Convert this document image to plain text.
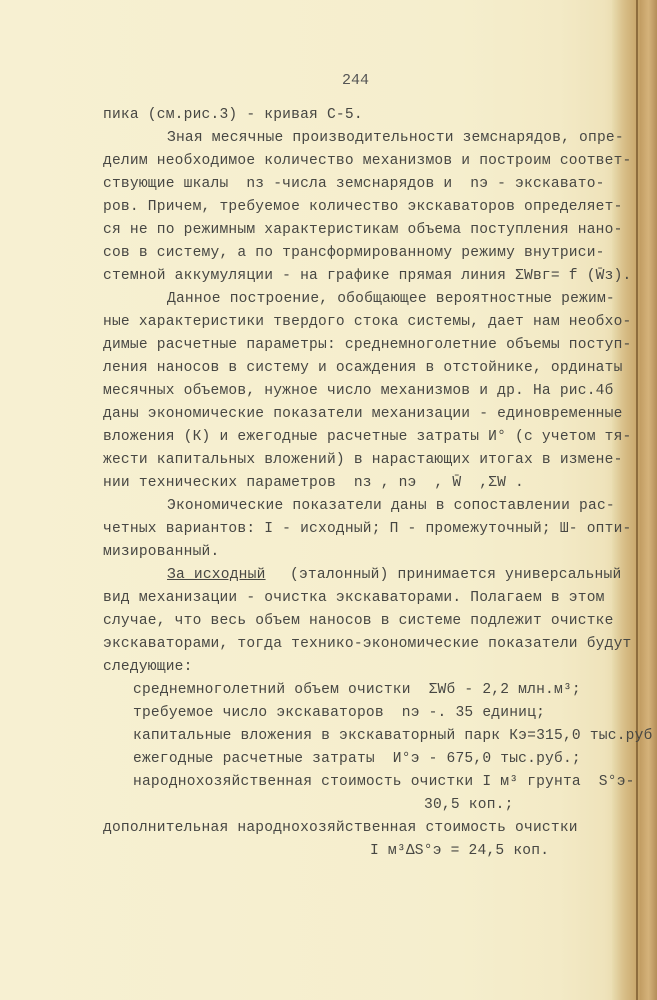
244
пика (см.рис.3) - кривая С-5.
Зная месячные производительности земснарядов, опре-
делим необходимое количество механизмов и построим соответ-
ствующие шкалы  nз -числа земснарядов и  nэ - экскавато-
ров. Причем, требуемое количество экскаваторов определяет-
ся не по режимным характеристикам объема поступления нано-
сов в систему, а по трансформированному режиму внутриси-
стемной аккумуляции - на графике прямая линия ΣWвг= f (W̄з).
Данное построение, обобщающее вероятностные режим-
ные характеристики твердого стока системы, дает нам необхо-
димые расчетные параметры: среднемноголетние объемы поступ-
ления наносов в систему и осаждения в отстойнике, ординаты
месячных объемов, нужное число механизмов и др. На рис.4б
даны экономические показатели механизации - единовременные
вложения (К) и ежегодные расчетные затраты И° (с учетом тя-
жести капитальных вложений) в нарастающих итогах в измене-
нии технических параметров  nз , nэ  , W̄  ,ΣW .
Экономические показатели даны в сопоставлении рас-
четных вариантов: I - исходный; П - промежуточный; Ш- опти-
мизированный.
(эталонный) принимается универсальный
вид механизации - очистка экскаваторами. Полагаем в этом
случае, что весь объем наносов в системе подлежит очистке
экскаваторами, тогда технико-экономические показатели будут
следующие:
среднемноголетний объем очистки  ΣWб - 2,2 млн.м³;
требуемое число экскаваторов  nэ -. 35 единиц;
капитальные вложения в экскаваторный парк Кэ=315,0 тыс.руб
ежегодные расчетные затраты  И°э - 675,0 тыс.руб.;
народнохозяйственная стоимость очистки I м³ грунта  S°э-
30,5 коп.;
дополнительная народнохозяйственная стоимость очистки
I м³ΔS°э = 24,5 коп.
За исходный
